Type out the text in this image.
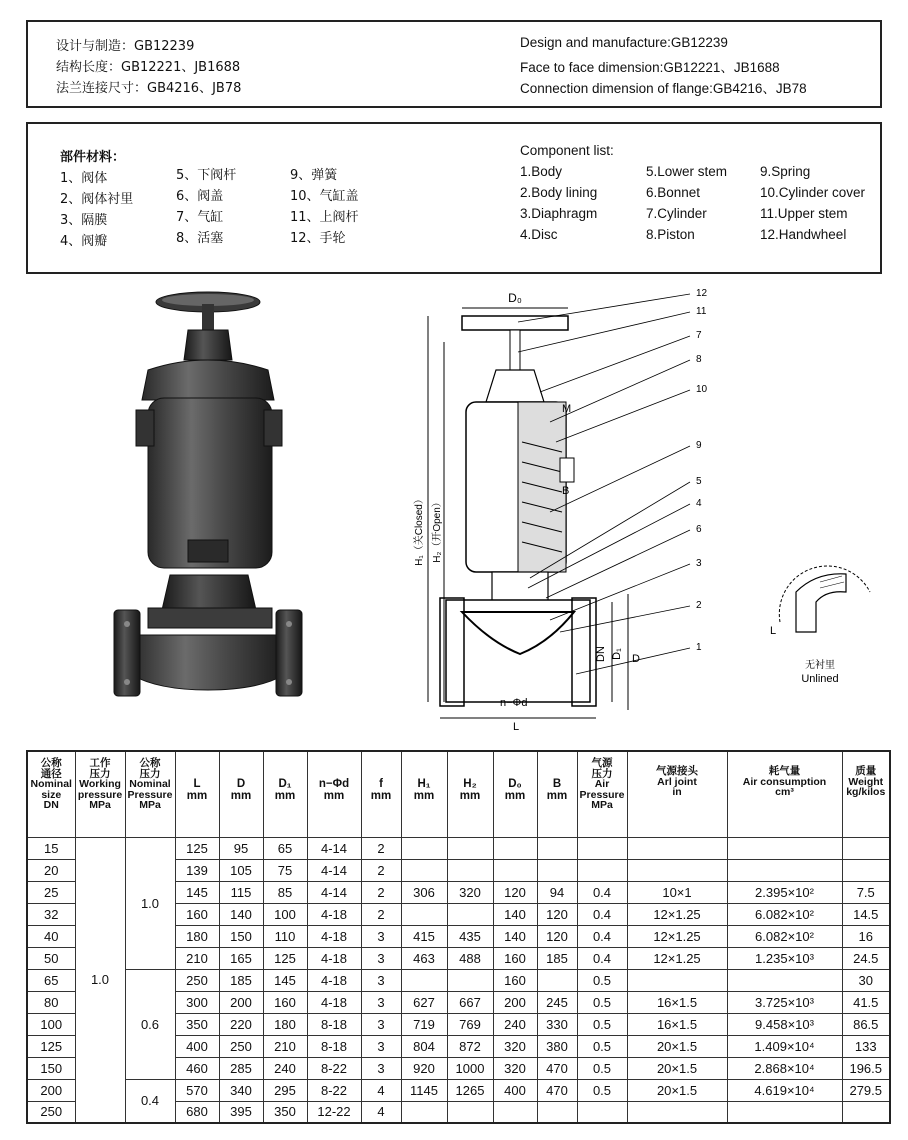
设计与制造：GB12239
结构长度：GB12221、JB1688
法兰连接尺寸：GB4216、JB78
Design and manufacture:GB12239
Face to face dimension:GB12221、JB1688
Connection dimension of flange:GB4216、JB78
部件材料：
1、阀体
2、阀体衬里
3、隔膜
4、阀瓣
5、下阀杆
6、阀盖
7、气缸
8、活塞
9、弹簧
10、气缸盖
11、上阀杆
12、手轮
Component list:
1.Body
2.Body lining
3.Diaphragm
4.Disc
5.Lower stem
6.Bonnet
7.Cylinder
8.Piston
9.Spring
10.Cylinder cover
11.Upper stem
12.Handwheel
D₀
H₁（关Closed） H₂（开Open）
M
B
DN D₁ D
n−Φd
L
12
11
7
8
10
9
5
4
6
3
2
1
L
无衬里
Unlined
公称
通径
Nominal
size
DN	工作
压力
Working
pressure
MPa	公称
压力
Nominal
Pressure
MPa	L
mm	D
mm	D₁
mm	n−Φd
mm	f
mm	H₁
mm	H₂
mm	D₀
mm	B
mm	气源
压力
Air
Pressure
MPa	气源接头
Arl joint
in	耗气量
Air consumption
cm³	质量
Weight
kg/kilos

15	1.0	1.0	125	95	65	4-14	2								
20			139	105	75	4-14	2								
25			145	115	85	4-14	2	306	320	120	94	0.4	10×1	2.395×10²	7.5
32			160	140	100	4-18	2			140	120	0.4	12×1.25	6.082×10²	14.5
40			180	150	110	4-18	3	415	435	140	120	0.4	12×1.25	6.082×10²	16
50			210	165	125	4-18	3	463	488	160	185	0.4	12×1.25	1.235×10³	24.5
65		0.6	250	185	145	4-18	3			160		0.5			30
80			300	200	160	4-18	3	627	667	200	245	0.5	16×1.5	3.725×10³	41.5
100			350	220	180	8-18	3	719	769	240	330	0.5	16×1.5	9.458×10³	86.5
125			400	250	210	8-18	3	804	872	320	380	0.5	20×1.5	1.409×10⁴	133
150			460	285	240	8-22	3	920	1000	320	470	0.5	20×1.5	2.868×10⁴	196.5
200		0.4	570	340	295	8-22	4	1145	1265	400	470	0.5	20×1.5	4.619×10⁴	279.5
250			680	395	350	12-22	4								
